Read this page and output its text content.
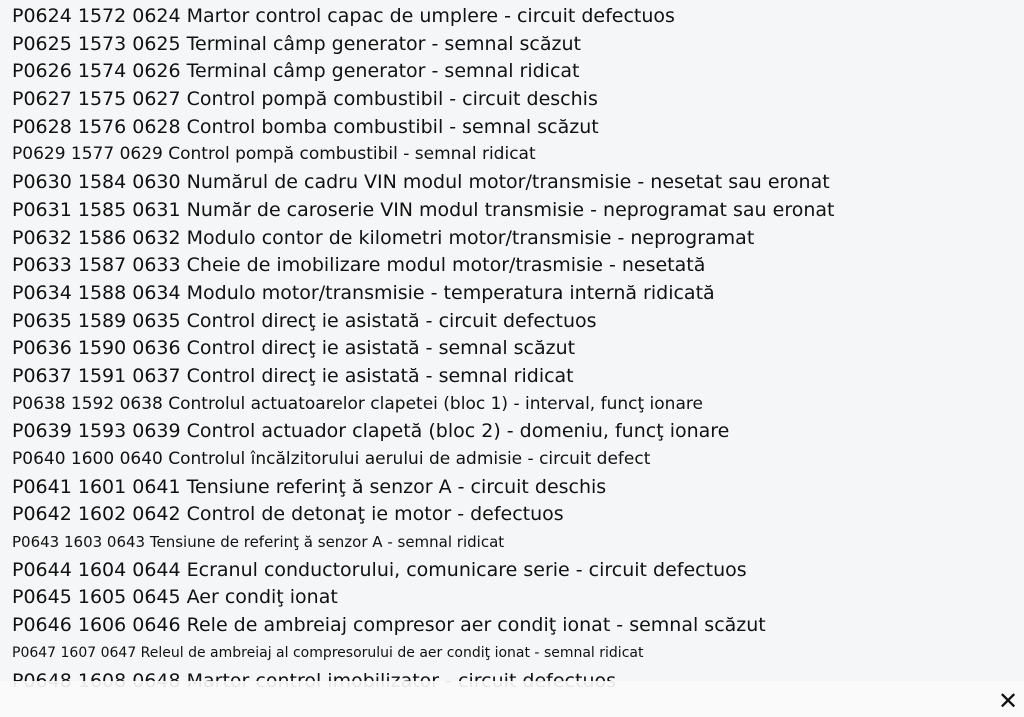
P0624 1572 0624 Martor control capac de umplere - circuit defectuos
P0625 1573 0625 Terminal câmp generator - semnal scăzut
P0626 1574 0626 Terminal câmp generator - semnal ridicat
P0627 1575 0627 Control pompă combustibil - circuit deschis
P0628 1576 0628 Control bomba combustibil - semnal scăzut
P0629 1577 0629 Control pompă combustibil - semnal ridicat
P0630 1584 0630 Numărul de cadru VIN modul motor/transmisie - nesetat sau eronat
P0631 1585 0631 Număr de caroserie VIN modul transmisie - neprogramat sau eronat
P0632 1586 0632 Modulo contor de kilometri motor/transmisie - neprogramat
P0633 1587 0633 Cheie de imobilizare modul motor/trasmisie - nesetată
P0634 1588 0634 Modulo motor/transmisie - temperatura internă ridicată
P0635 1589 0635 Control direcţ ie asistată - circuit defectuos
P0636 1590 0636 Control direcţ ie asistată - semnal scăzut
P0637 1591 0637 Control direcţ ie asistată - semnal ridicat
P0638 1592 0638 Controlul actuatoarelor clapetei (bloc 1) - interval, funcţ ionare
P0639 1593 0639 Control actuador clapetă (bloc 2) - domeniu, funcţ ionare
P0640 1600 0640 Controlul încălzitorului aerului de admisie - circuit defect
P0641 1601 0641 Tensiune referinţ ă senzor A - circuit deschis
P0642 1602 0642 Control de detonaţ ie motor - defectuos
P0643 1603 0643 Tensiune de referinţ ă senzor A - semnal ridicat
P0644 1604 0644 Ecranul conductorului, comunicare serie - circuit defectuos
P0645 1605 0645 Aer condiţ ionat
P0646 1606 0646 Rele de ambreiaj compresor aer condiţ ionat - semnal scăzut
P0647 1607 0647 Releul de ambreiaj al compresorului de aer condiţ ionat - semnal ridicat
✕
